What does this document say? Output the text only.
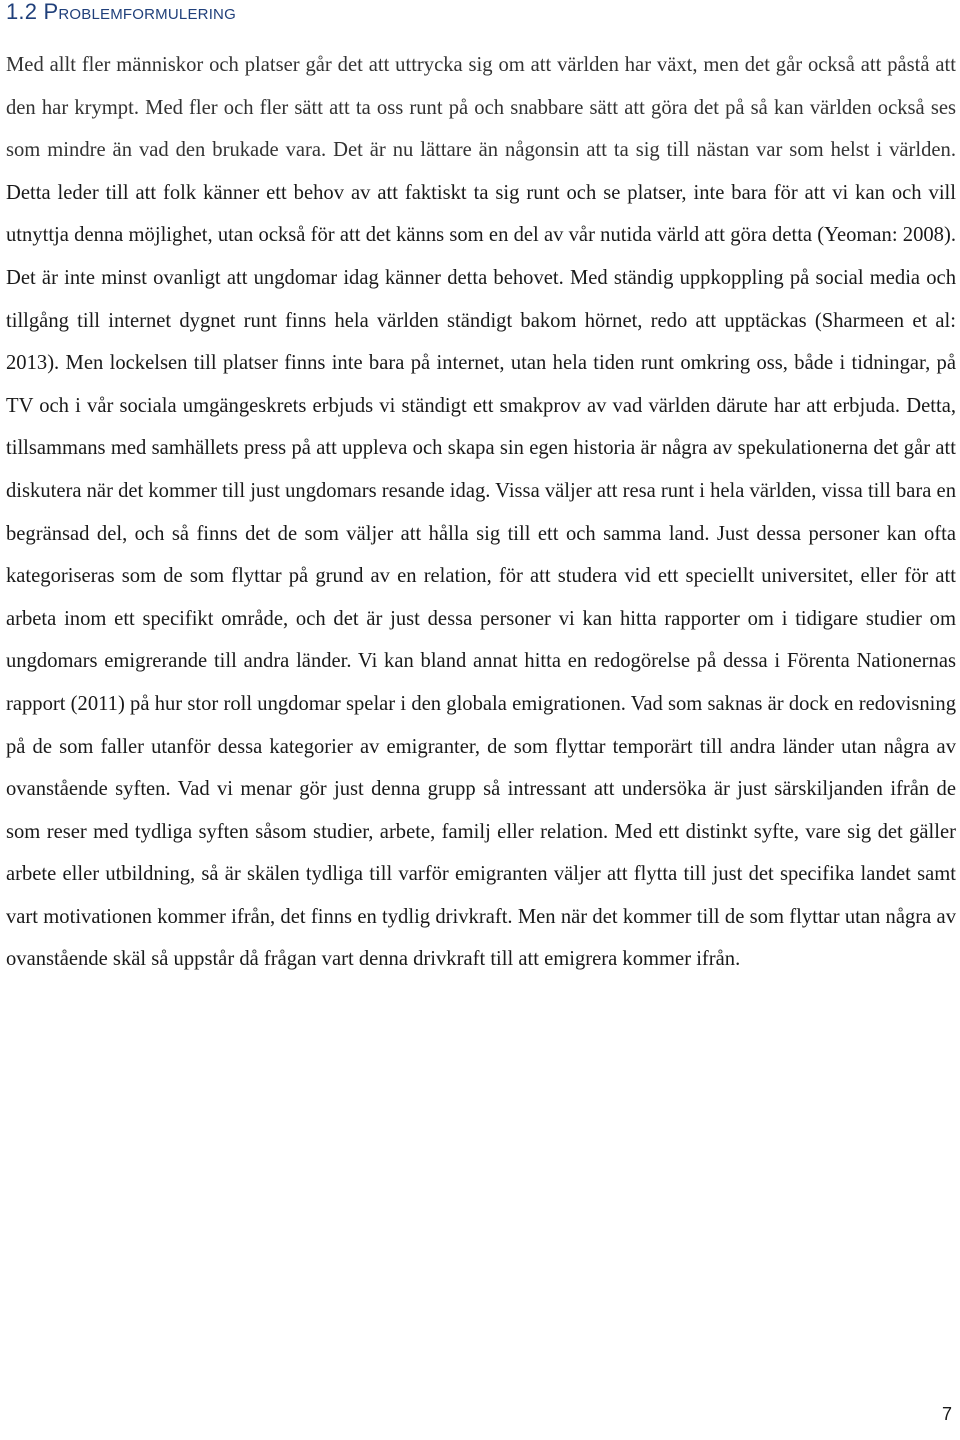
1.2 Problemformulering

Med allt fler människor och platser går det att uttrycka sig om att världen har växt, men det går också att påstå att den har krympt. Med fler och fler sätt att ta oss runt på och snabbare sätt att göra det på så kan världen också ses som mindre än vad den brukade vara. Det är nu lättare än någonsin att ta sig till nästan var som helst i världen. Detta leder till att folk känner ett behov av att faktiskt ta sig runt och se platser, inte bara för att vi kan och vill utnyttja denna möjlighet, utan också för att det känns som en del av vår nutida värld att göra detta (Yeoman: 2008). Det är inte minst ovanligt att ungdomar idag känner detta behovet. Med ständig uppkoppling på social media och tillgång till internet dygnet runt finns hela världen ständigt bakom hörnet, redo att upptäckas (Sharmeen et al: 2013). Men lockelsen till platser finns inte bara på internet, utan hela tiden runt omkring oss, både i tidningar, på TV och i vår sociala umgängeskrets erbjuds vi ständigt ett smakprov av vad världen därute har att erbjuda. Detta, tillsammans med samhällets press på att uppleva och skapa sin egen historia är några av spekulationerna det går att diskutera när det kommer till just ungdomars resande idag. Vissa väljer att resa runt i hela världen, vissa till bara en begränsad del, och så finns det de som väljer att hålla sig till ett och samma land. Just dessa personer kan ofta kategoriseras som de som flyttar på grund av en relation, för att studera vid ett speciellt universitet, eller för att arbeta inom ett specifikt område, och det är just dessa personer vi kan hitta rapporter om i tidigare studier om ungdomars emigrerande till andra länder. Vi kan bland annat hitta en redogörelse på dessa i Förenta Nationernas rapport (2011) på hur stor roll ungdomar spelar i den globala emigrationen. Vad som saknas är dock en redovisning på de som faller utanför dessa kategorier av emigranter, de som flyttar temporärt till andra länder utan några av ovanstående syften. Vad vi menar gör just denna grupp så intressant att undersöka är just särskiljanden ifrån de som reser med tydliga syften såsom studier, arbete, familj eller relation. Med ett distinkt syfte, vare sig det gäller arbete eller utbildning, så är skälen tydliga till varför emigranten väljer att flytta till just det specifika landet samt vart motivationen kommer ifrån, det finns en tydlig drivkraft. Men när det kommer till de som flyttar utan några av ovanstående skäl så uppstår då frågan vart denna drivkraft till att emigrera kommer ifrån.

7
